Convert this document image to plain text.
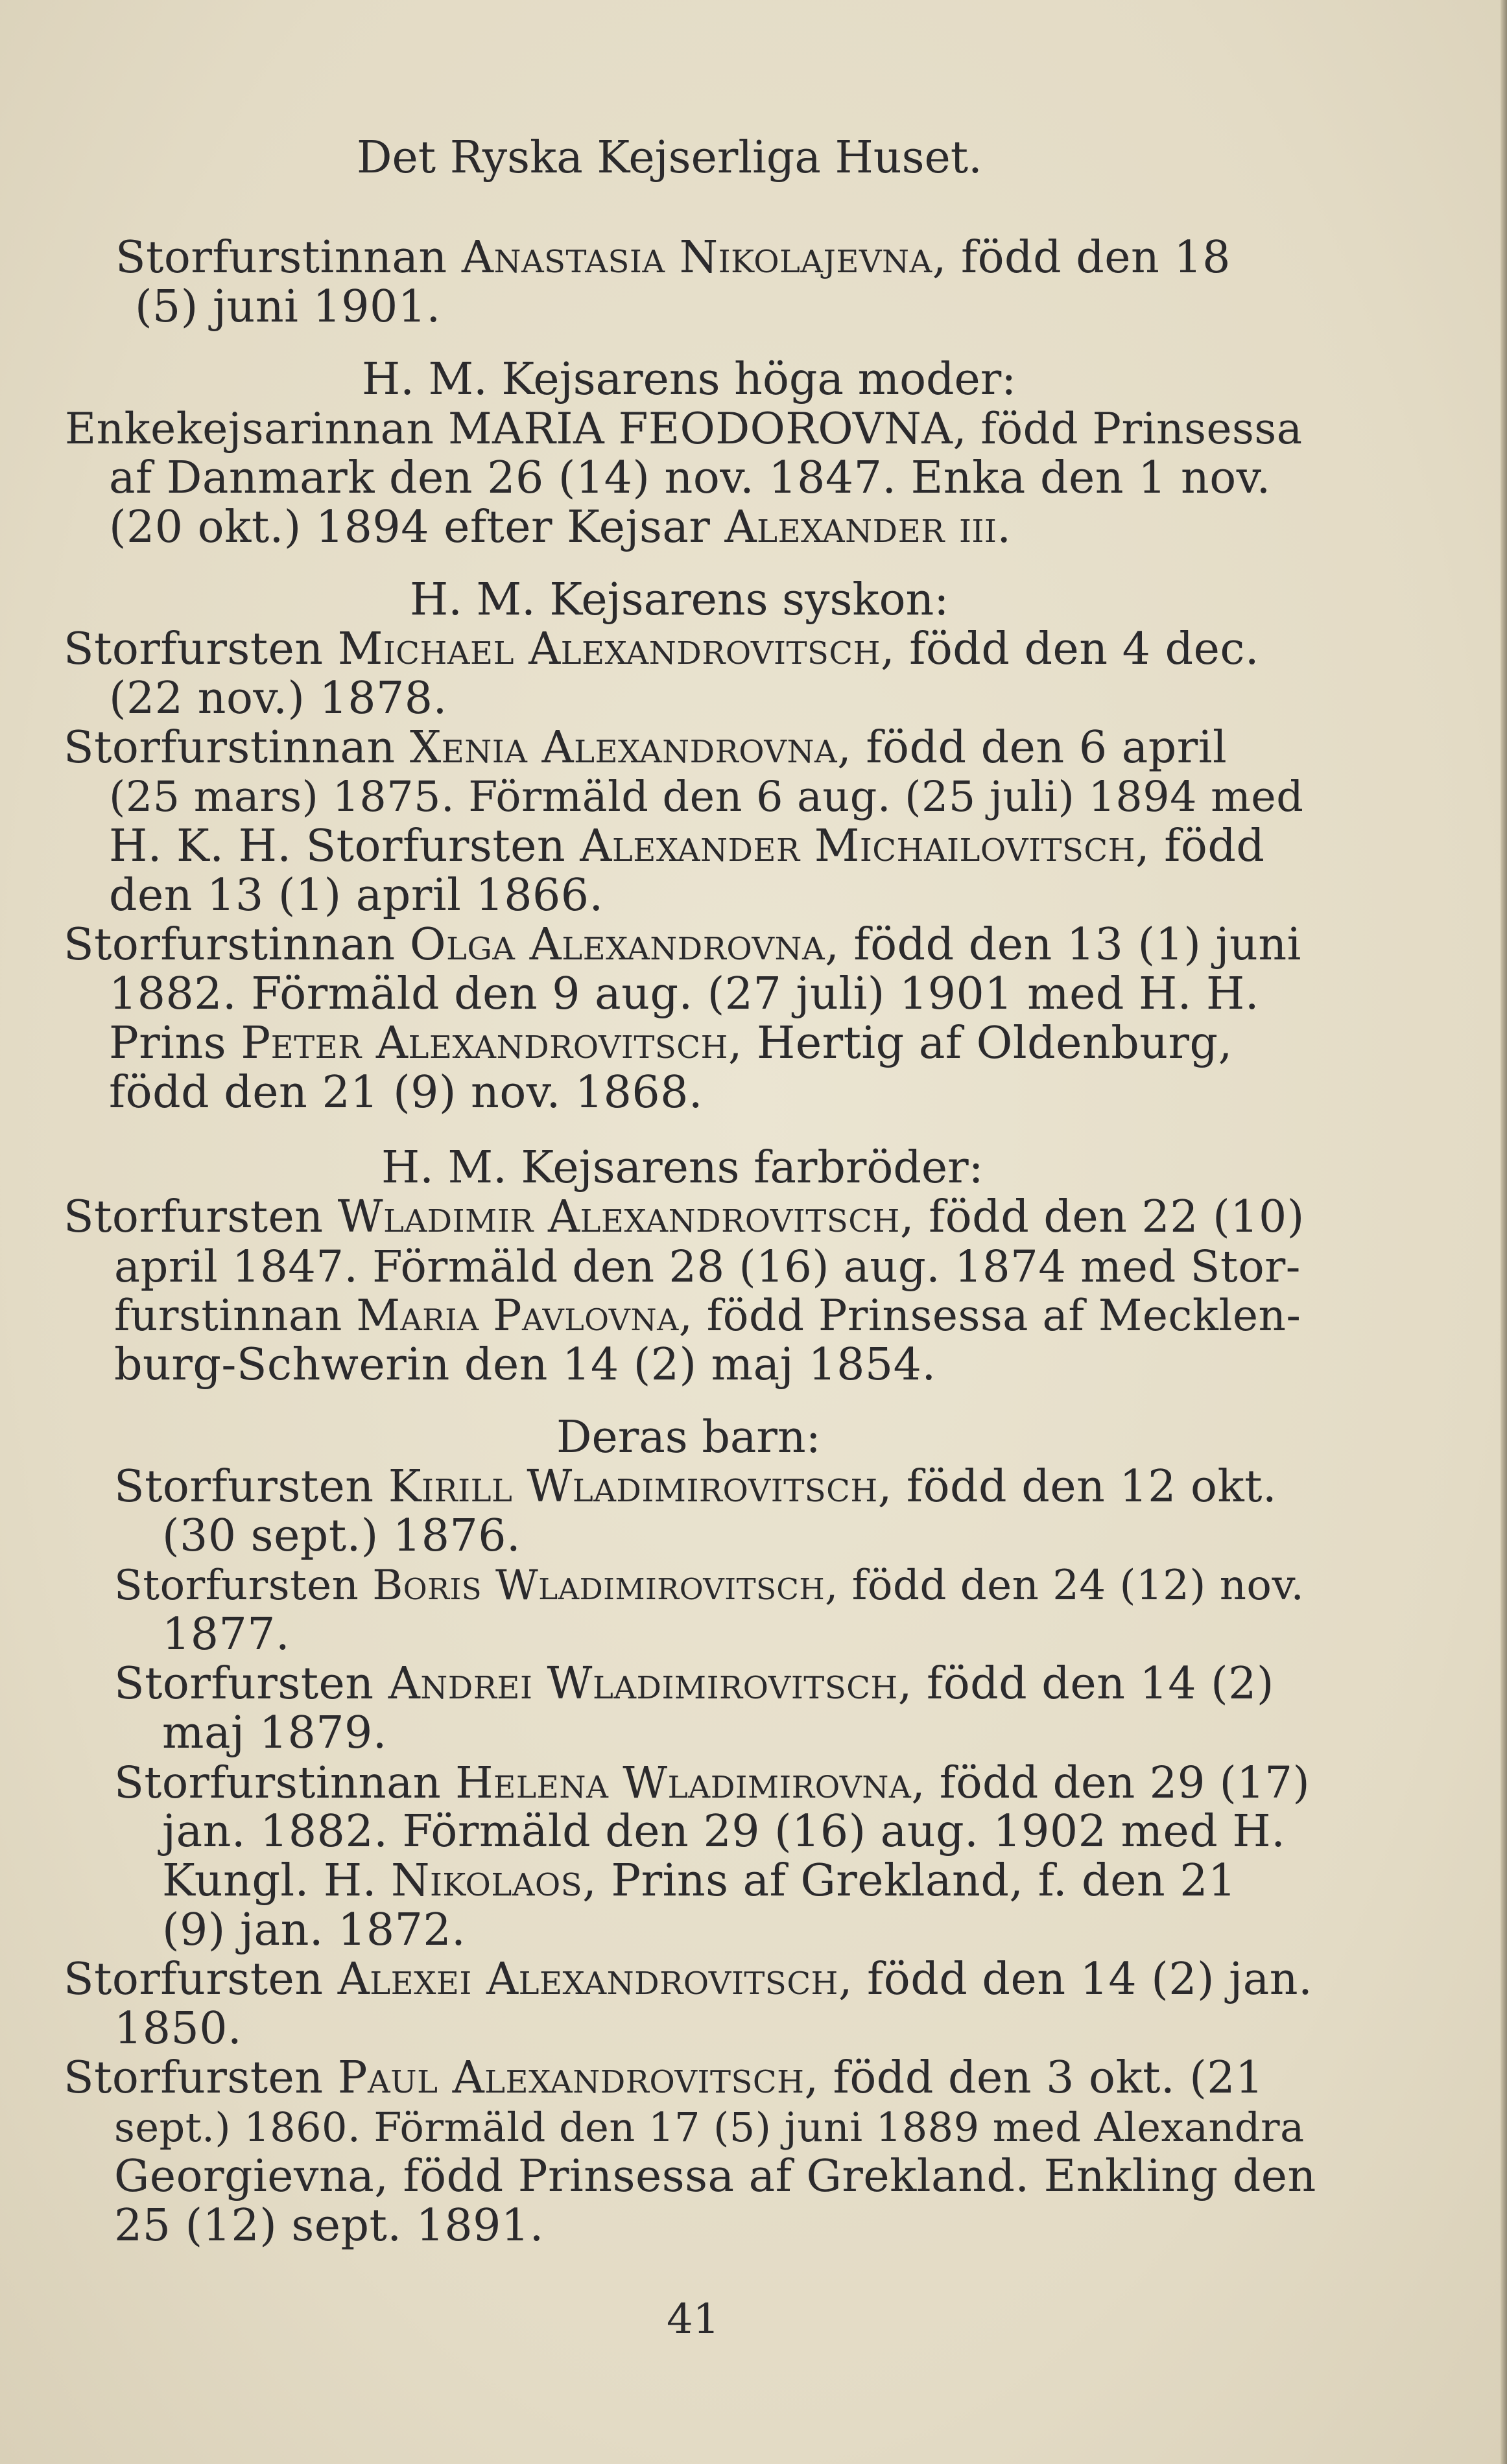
Det Ryska Kejserliga Huset.
Storfurstinnan Anastasia Nikolajevna, född den 18
(5) juni 1901.
H. M. Kejsarens höga moder:
Enkekejsarinnan MARIA FEODOROVNA, född Prinsessa
af Danmark den 26 (14) nov. 1847. Enka den 1 nov.
(20 okt.) 1894 efter Kejsar Alexander iii.
H. M. Kejsarens syskon:
Storfursten Michael Alexandrovitsch, född den 4 dec.
(22 nov.) 1878.
Storfurstinnan Xenia Alexandrovna, född den 6 april
(25 mars) 1875. Förmäld den 6 aug. (25 juli) 1894 med
H. K. H. Storfursten Alexander Michailovitsch, född
den 13 (1) april 1866.
Storfurstinnan Olga Alexandrovna, född den 13 (1) juni
1882. Förmäld den 9 aug. (27 juli) 1901 med H. H.
Prins Peter Alexandrovitsch, Hertig af Oldenburg,
född den 21 (9) nov. 1868.
H. M. Kejsarens farbröder:
Storfursten Wladimir Alexandrovitsch, född den 22 (10)
april 1847. Förmäld den 28 (16) aug. 1874 med Stor-
furstinnan Maria Pavlovna, född Prinsessa af Mecklen-
burg-Schwerin den 14 (2) maj 1854.
Deras barn:
Storfursten Kirill Wladimirovitsch, född den 12 okt.
(30 sept.) 1876.
Storfursten Boris Wladimirovitsch, född den 24 (12) nov.
1877.
Storfursten Andrei Wladimirovitsch, född den 14 (2)
maj 1879.
Storfurstinnan Helena Wladimirovna, född den 29 (17)
jan. 1882. Förmäld den 29 (16) aug. 1902 med H.
Kungl. H. Nikolaos, Prins af Grekland, f. den 21
(9) jan. 1872.
Storfursten Alexei Alexandrovitsch, född den 14 (2) jan.
1850.
Storfursten Paul Alexandrovitsch, född den 3 okt. (21
sept.) 1860. Förmäld den 17 (5) juni 1889 med Alexandra
Georgievna, född Prinsessa af Grekland. Enkling den
25 (12) sept. 1891.
41
